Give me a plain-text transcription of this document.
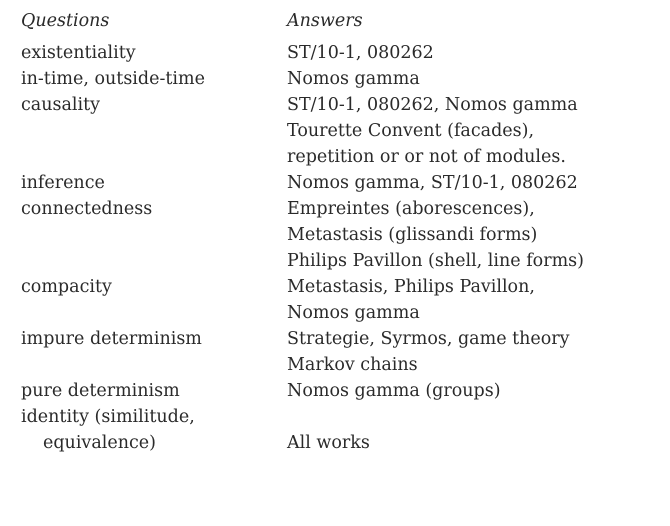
Questions	Answers
existentiality	ST/10-1, 080262
in-time, outside-time	Nomos gamma
causality	ST/10-1, 080262, Nomos gamma
Tourette Convent (facades),
repetition or or not of modules.
inference	Nomos gamma, ST/10-1, 080262
connectedness	Empreintes (aborescences),
Metastasis (glissandi forms)
Philips Pavillon (shell, line forms)
compacity	Metastasis, Philips Pavillon,
Nomos gamma
impure determinism	Strategie, Syrmos, game theory
Markov chains
pure determinism	Nomos gamma (groups)
identity (similitude,
equivalence)	All works
